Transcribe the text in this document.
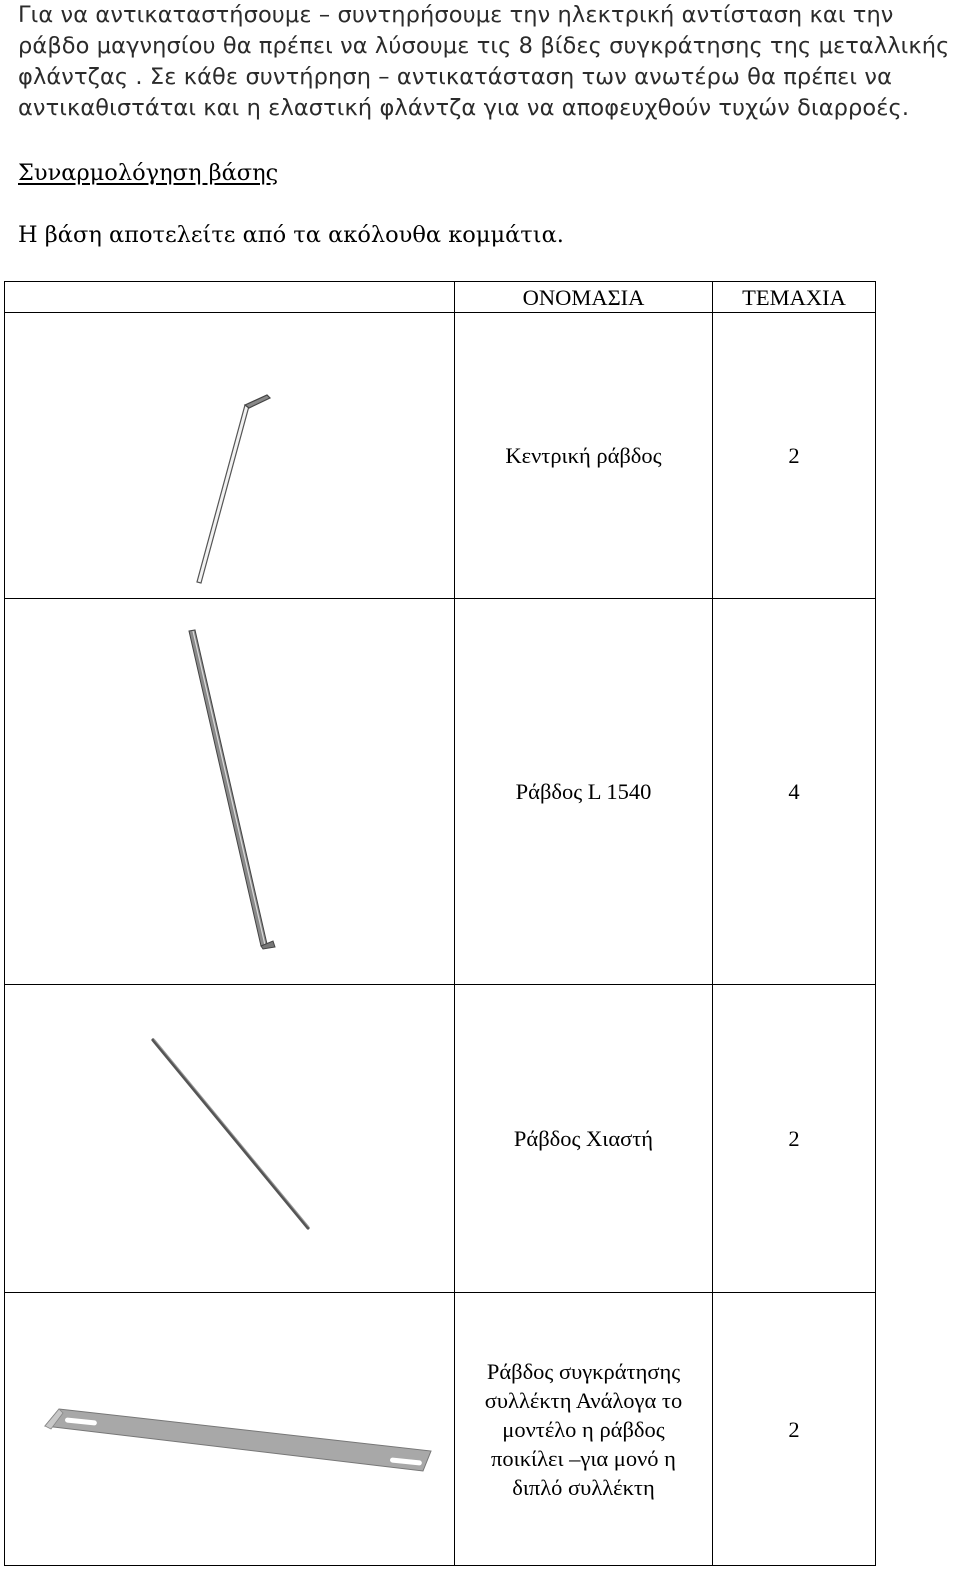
Για να αντικαταστήσουμε – συντηρήσουμε την ηλεκτρική αντίσταση και την ράβδο μαγνησίου θα πρέπει να λύσουμε τις 8 βίδες συγκράτησης της μεταλλικής φλάντζας . Σε κάθε συντήρηση – αντικατάσταση των ανωτέρω θα πρέπει να αντικαθιστάται και η ελαστική φλάντζα για να αποφευχθούν τυχών διαρροές.

Συναρμολόγηση βάσης

Η βάση αποτελείτε από τα ακόλουθα κομμάτια.

	ΟΝΟΜΑΣΙΑ	ΤΕΜΑΧΙΑ

Κεντρική ράβδος	2

Ράβδος L 1540	4

Ράβδος Χιαστή	2

Ράβδος συγκράτησης συλλέκτη Ανάλογα το μοντέλο η ράβδος ποικίλει –για μονό η διπλό συλλέκτη	2
